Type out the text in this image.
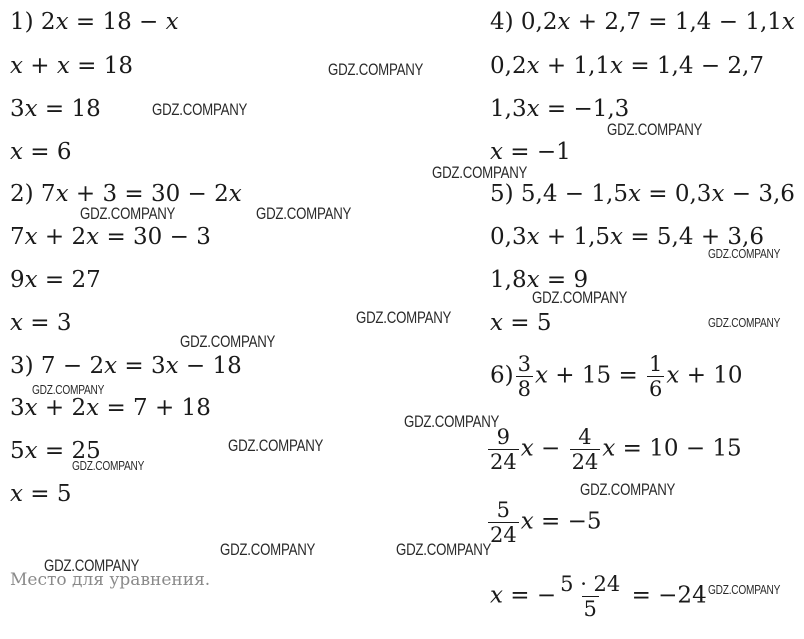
1) 2x = 18 − x
x + x = 18
3x = 18
x = 6
2) 7x + 3 = 30 − 2x
7x + 2x = 30 − 3
9x = 27
x = 3
3) 7 − 2x = 3x − 18
3x + 2x = 7 + 18
5x = 25
x = 5
4) 0,2x + 2,7 = 1,4 − 1,1x
0,2x + 1,1x = 1,4 − 2,7
1,3x = −1,3
x = −1
5) 5,4 − 1,5x = 0,3x − 3,6
0,3x + 1,5x = 5,4 + 3,6
1,8x = 9
x = 5
$6) \frac{3}{8}$ $x + 15 = \frac{1}{6}$ x + 10
$\frac{9}{24}$ $x - \frac{4}{24}$ x = 10 − 15
$\frac{5}{24}$ x = −5
x = − $\frac{5 \cdot 24}{5} = -24$
Место для уравнения.
GDZ.COMPANY
GDZ.COMPANY
GDZ.COMPANY
GDZ.COMPANY
GDZ.COMPANY	GDZ.COMPANY
GDZ.COMPANY
GDZ.COMPANY
GDZ.COMPANY	GDZ.COMPANY
GDZ.COMPANY
GDZ.COMPANY
GDZ.COMPANY
GDZ.COMPANY
GDZ.COMPANY
GDZ.COMPANY
GDZ.COMPANY	GDZ.COMPANY
GDZ.COMPANY
GDZ.COMPANY
